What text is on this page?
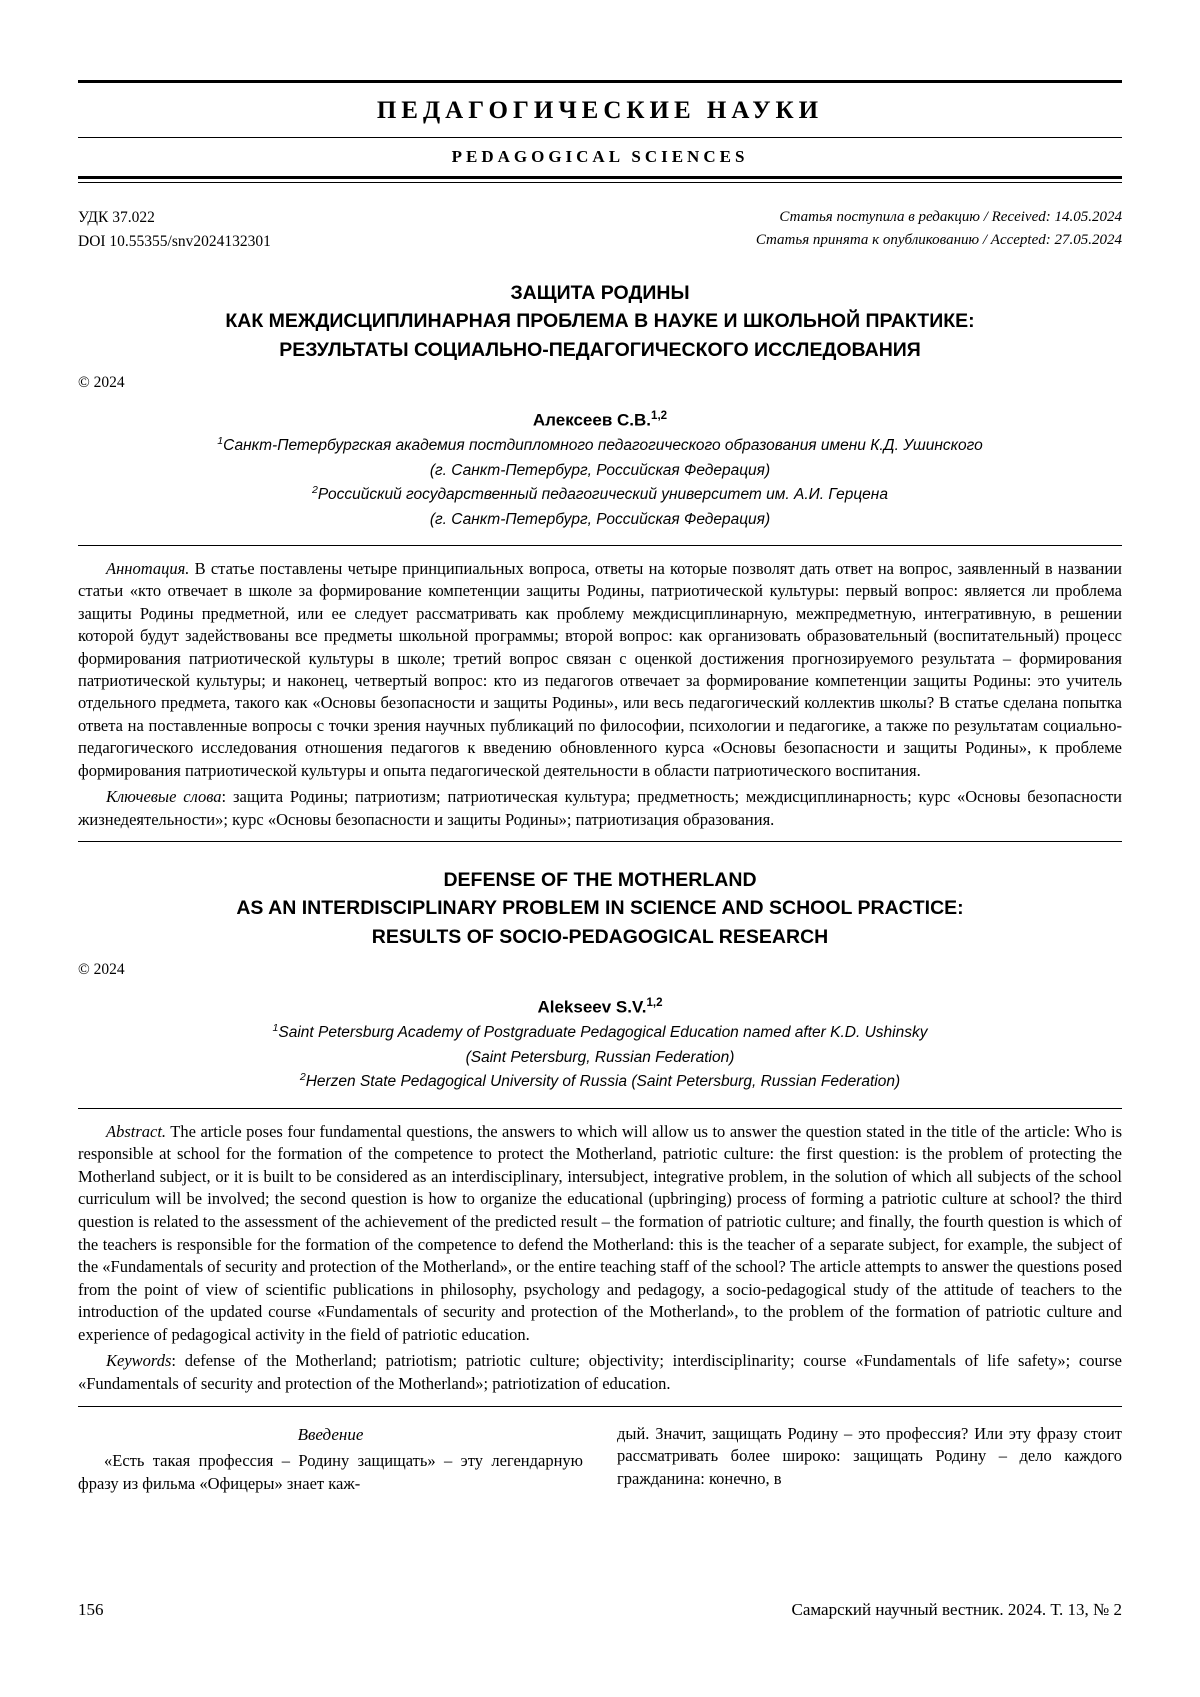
ПЕДАГОГИЧЕСКИЕ НАУКИ
PEDAGOGICAL SCIENCES
УДК 37.022
DOI 10.55355/snv2024132301
Статья поступила в редакцию / Received: 14.05.2024
Статья принята к опубликованию / Accepted: 27.05.2024
ЗАЩИТА РОДИНЫ
КАК МЕЖДИСЦИПЛИНАРНАЯ ПРОБЛЕМА В НАУКЕ И ШКОЛЬНОЙ ПРАКТИКЕ:
РЕЗУЛЬТАТЫ СОЦИАЛЬНО-ПЕДАГОГИЧЕСКОГО ИССЛЕДОВАНИЯ
© 2024
Алексеев С.В.$^{1,2}$
$^1$Санкт-Петербургская академия постдипломного педагогического образования имени К.Д. Ушинского
(г. Санкт-Петербург, Российская Федерация)
$^2$Российский государственный педагогический университет им. А.И. Герцена
(г. Санкт-Петербург, Российская Федерация)
Аннотация. В статье поставлены четыре принципиальных вопроса, ответы на которые позволят дать ответ на вопрос, заявленный в названии статьи «кто отвечает в школе за формирование компетенции защиты Родины, патриотической культуры: первый вопрос: является ли проблема защиты Родины предметной, или ее следует рассматривать как проблему междисциплинарную, межпредметную, интегративную, в решении которой будут задействованы все предметы школьной программы; второй вопрос: как организовать образовательный (воспитательный) процесс формирования патриотической культуры в школе; третий вопрос связан с оценкой достижения прогнозируемого результата – формирования патриотической культуры; и наконец, четвертый вопрос: кто из педагогов отвечает за формирование компетенции защиты Родины: это учитель отдельного предмета, такого как «Основы безопасности и защиты Родины», или весь педагогический коллектив школы? В статье сделана попытка ответа на поставленные вопросы с точки зрения научных публикаций по философии, психологии и педагогике, а также по результатам социально-педагогического исследования отношения педагогов к введению обновленного курса «Основы безопасности и защиты Родины», к проблеме формирования патриотической культуры и опыта педагогической деятельности в области патриотического воспитания.
Ключевые слова: защита Родины; патриотизм; патриотическая культура; предметность; междисциплинарность; курс «Основы безопасности жизнедеятельности»; курс «Основы безопасности и защиты Родины»; патриотизация образования.
DEFENSE OF THE MOTHERLAND
AS AN INTERDISCIPLINARY PROBLEM IN SCIENCE AND SCHOOL PRACTICE:
RESULTS OF SOCIO-PEDAGOGICAL RESEARCH
© 2024
Alekseev S.V.$^{1,2}$
$^1$Saint Petersburg Academy of Postgraduate Pedagogical Education named after K.D. Ushinsky
(Saint Petersburg, Russian Federation)
$^2$Herzen State Pedagogical University of Russia (Saint Petersburg, Russian Federation)
Abstract. The article poses four fundamental questions, the answers to which will allow us to answer the question stated in the title of the article: Who is responsible at school for the formation of the competence to protect the Motherland, patriotic culture: the first question: is the problem of protecting the Motherland subject, or it is built to be considered as an interdisciplinary, intersubject, integrative problem, in the solution of which all subjects of the school curriculum will be involved; the second question is how to organize the educational (upbringing) process of forming a patriotic culture at school? the third question is related to the assessment of the achievement of the predicted result – the formation of patriotic culture; and finally, the fourth question is which of the teachers is responsible for the formation of the competence to defend the Motherland: this is the teacher of a separate subject, for example, the subject of the «Fundamentals of security and protection of the Motherland», or the entire teaching staff of the school? The article attempts to answer the questions posed from the point of view of scientific publications in philosophy, psychology and pedagogy, a socio-pedagogical study of the attitude of teachers to the introduction of the updated course «Fundamentals of security and protection of the Motherland», to the problem of the formation of patriotic culture and experience of pedagogical activity in the field of patriotic education.
Keywords: defense of the Motherland; patriotism; patriotic culture; objectivity; interdisciplinarity; course «Fundamentals of life safety»; course «Fundamentals of security and protection of the Motherland»; patriotization of education.
Введение

«Есть такая профессия – Родину защищать» – эту легендарную фразу из фильма «Офицеры» знает каж-

дый. Значит, защищать Родину – это профессия? Или эту фразу стоит рассматривать более широко: защищать Родину – дело каждого гражданина: конечно, в

156	Самарский научный вестник. 2024. Т. 13, № 2
